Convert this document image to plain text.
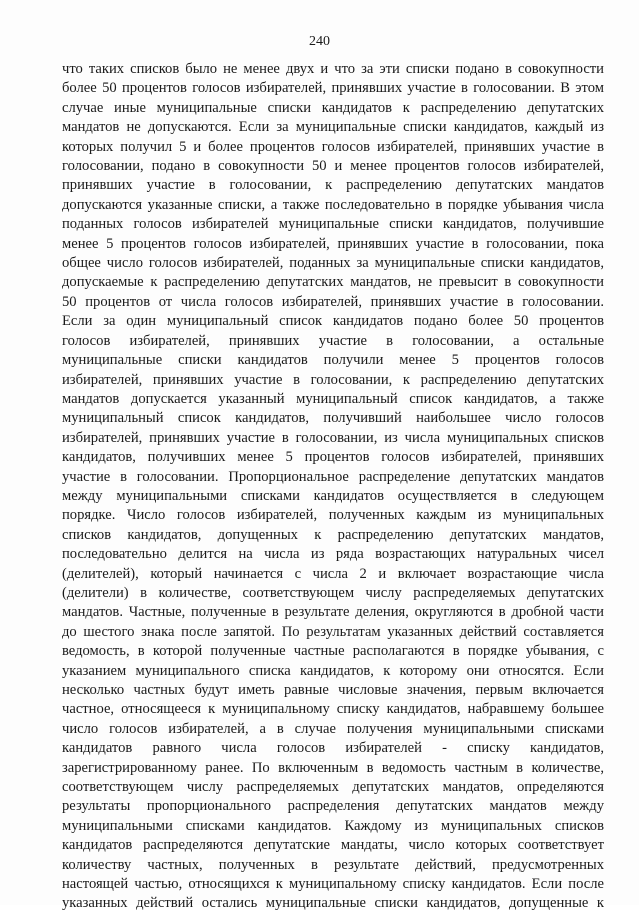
240
что таких списков было не менее двух и что за эти списки подано в совокупности
более 50 процентов голосов избирателей, принявших участие в голосовании. В этом
случае иные муниципальные списки кандидатов к распределению депутатских
мандатов не допускаются. Если за муниципальные списки кандидатов, каждый из
которых получил 5 и более процентов голосов избирателей, принявших участие в
голосовании, подано в совокупности 50 и менее процентов голосов избирателей,
принявших участие в голосовании, к распределению депутатских мандатов
допускаются указанные списки, а также последовательно в порядке убывания числа
поданных голосов избирателей муниципальные списки кандидатов, получившие
менее 5 процентов голосов избирателей, принявших участие в голосовании, пока
общее число голосов избирателей, поданных за муниципальные списки кандидатов,
допускаемые к распределению депутатских мандатов, не превысит в совокупности
50 процентов от числа голосов избирателей, принявших участие в голосовании.
Если за один муниципальный список кандидатов подано более 50 процентов
голосов избирателей, принявших участие в голосовании, а остальные
муниципальные списки кандидатов получили менее 5 процентов голосов
избирателей, принявших участие в голосовании, к распределению депутатских
мандатов допускается указанный муниципальный список кандидатов, а также
муниципальный список кандидатов, получивший наибольшее число голосов
избирателей, принявших участие в голосовании, из числа муниципальных списков
кандидатов, получивших менее 5 процентов голосов избирателей, принявших
участие в голосовании. Пропорциональное распределение депутатских мандатов
между муниципальными списками кандидатов осуществляется в следующем
порядке. Число голосов избирателей, полученных каждым из муниципальных
списков кандидатов, допущенных к распределению депутатских мандатов,
последовательно делится на числа из ряда возрастающих натуральных чисел
(делителей), который начинается с числа 2 и включает возрастающие числа
(делители) в количестве, соответствующем числу распределяемых депутатских
мандатов. Частные, полученные в результате деления, округляются в дробной части
до шестого знака после запятой. По результатам указанных действий составляется
ведомость, в которой полученные частные располагаются в порядке убывания, с
указанием муниципального списка кандидатов, к которому они относятся. Если
несколько частных будут иметь равные числовые значения, первым включается
частное, относящееся к муниципальному списку кандидатов, набравшему большее
число голосов избирателей, а в случае получения муниципальными списками
кандидатов равного числа голосов избирателей - списку кандидатов,
зарегистрированному ранее. По включенным в ведомость частным в количестве,
соответствующем числу распределяемых депутатских мандатов, определяются
результаты пропорционального распределения депутатских мандатов между
муниципальными списками кандидатов. Каждому из муниципальных списков
кандидатов распределяются депутатские мандаты, число которых соответствует
количеству частных, полученных в результате действий, предусмотренных
настоящей частью, относящихся к муниципальному списку кандидатов. Если после
указанных действий остались муниципальные списки кандидатов, допущенные к
